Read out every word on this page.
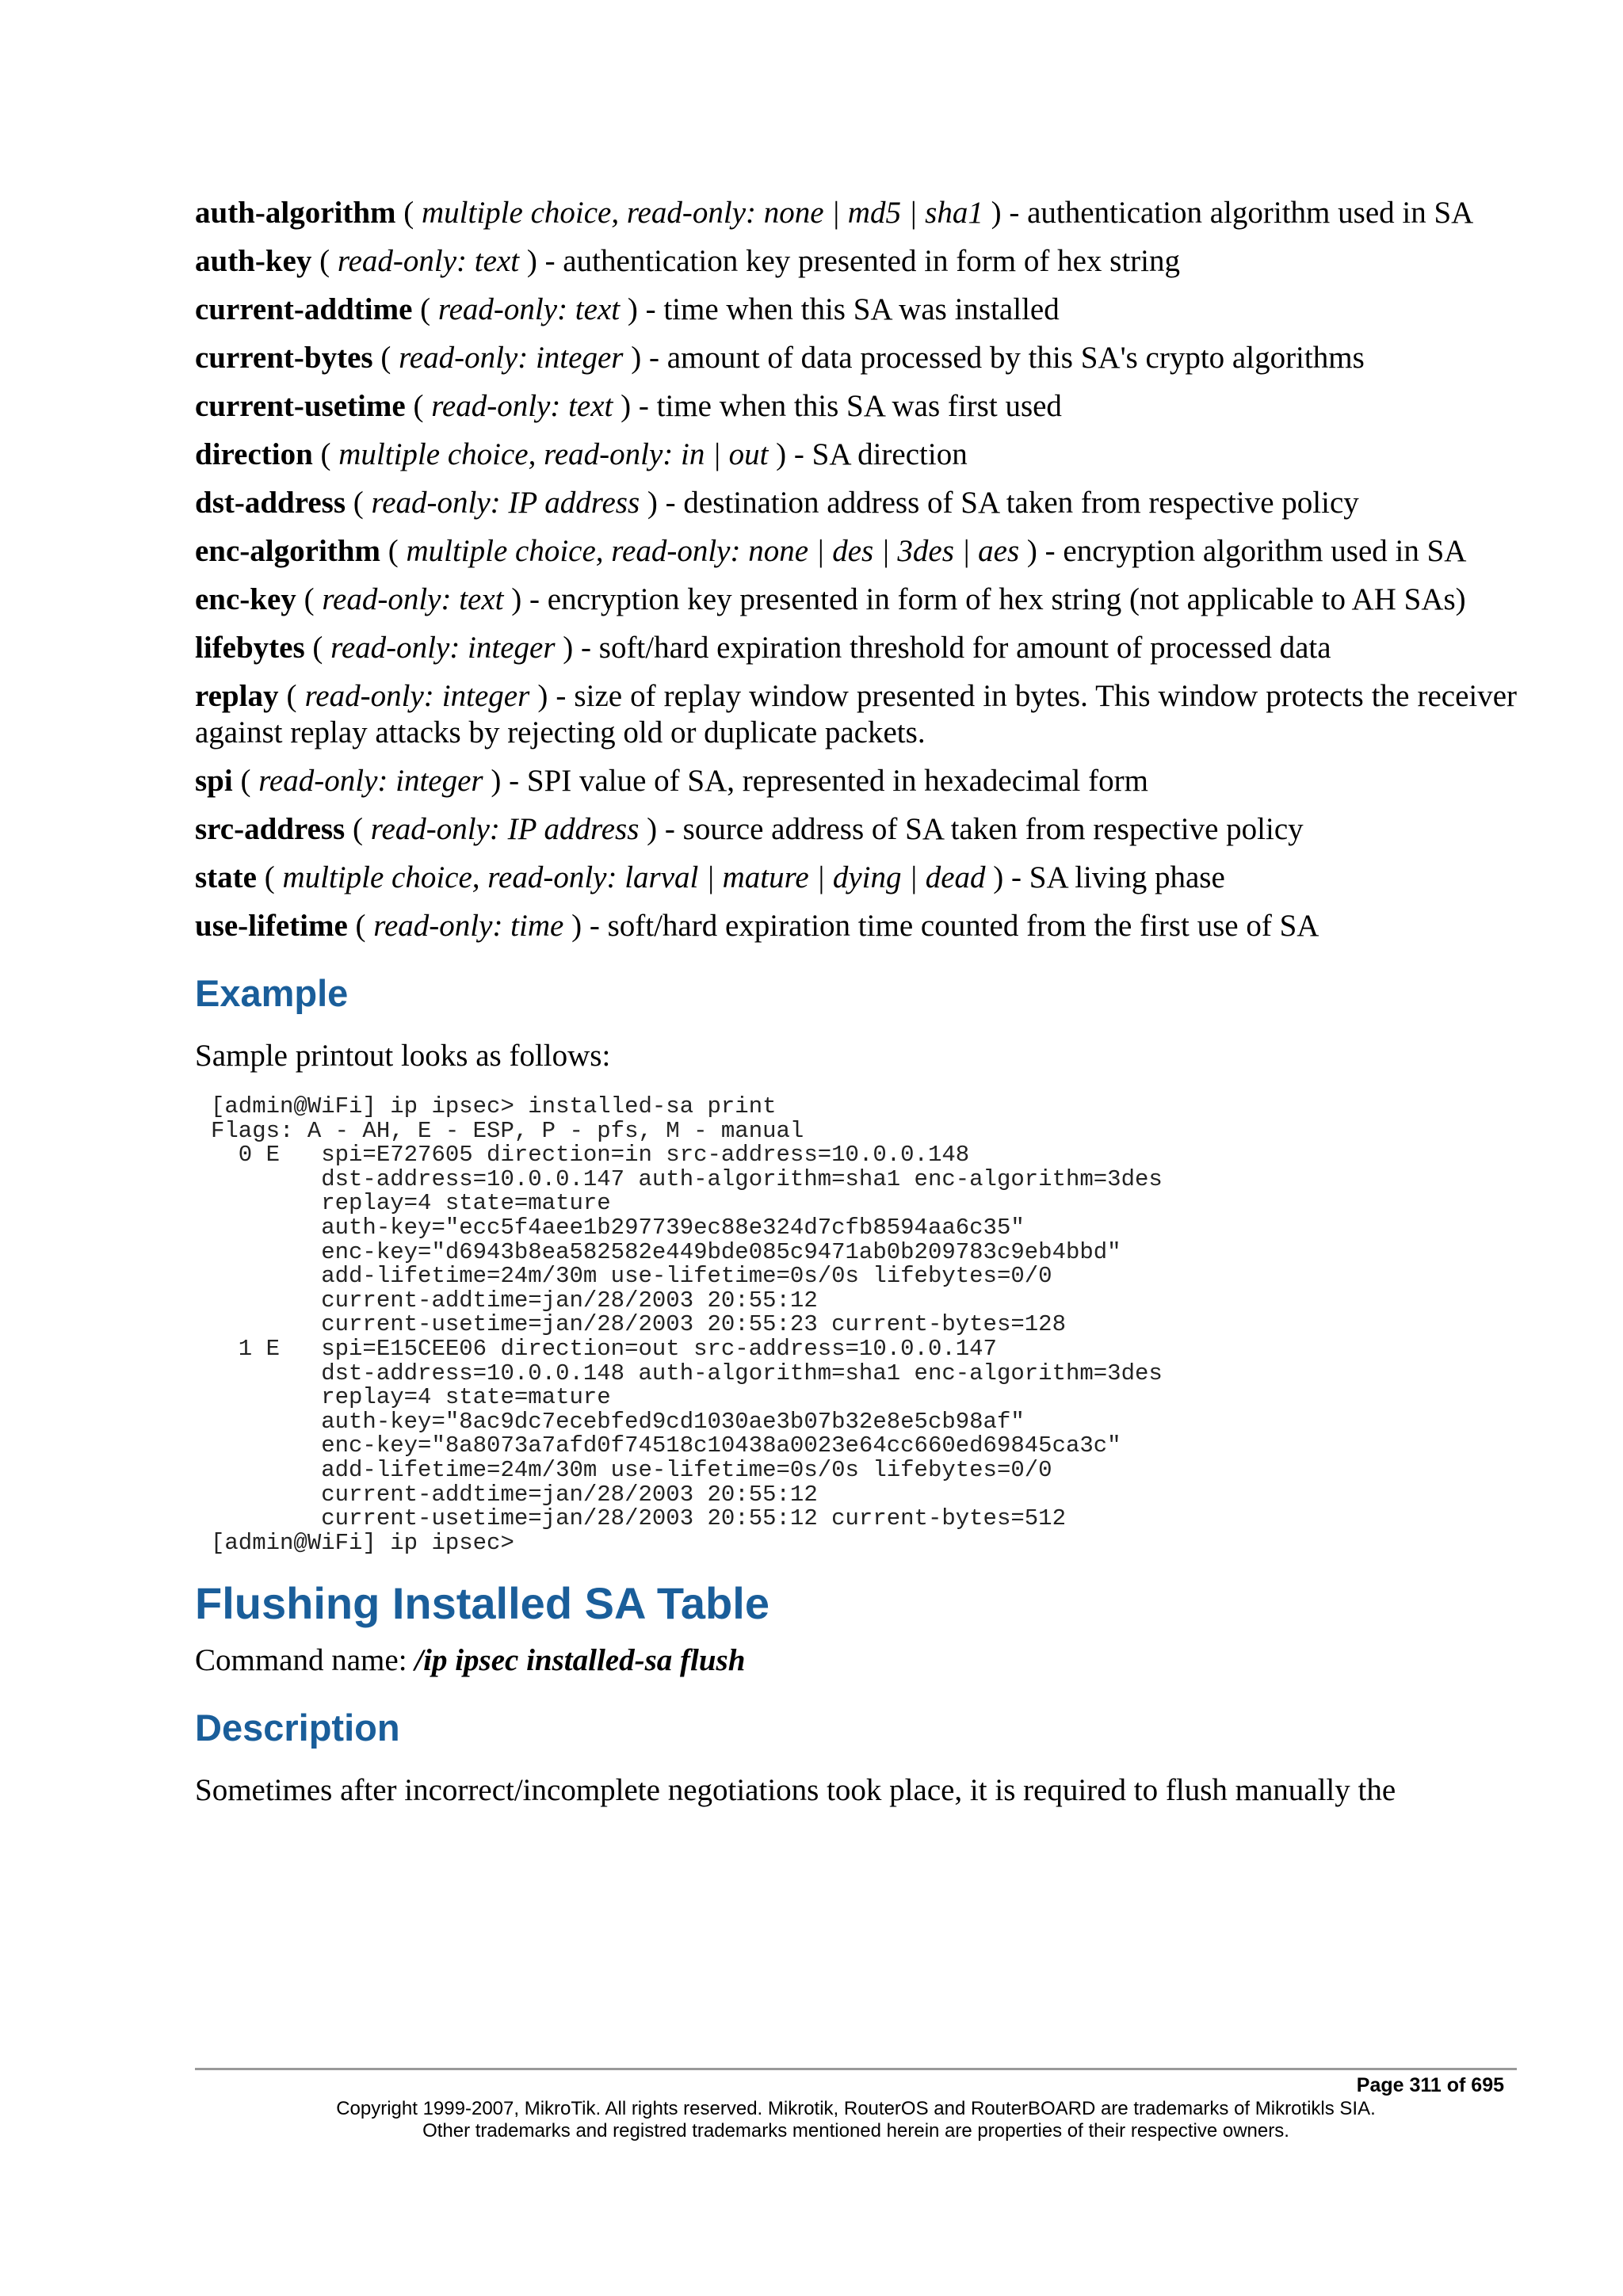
auth-algorithm ( multiple choice, read-only: none | md5 | sha1 ) - authentication algorithm used in SA

auth-key ( read-only: text ) - authentication key presented in form of hex string

current-addtime ( read-only: text ) - time when this SA was installed

current-bytes ( read-only: integer ) - amount of data processed by this SA's crypto algorithms

current-usetime ( read-only: text ) - time when this SA was first used

direction ( multiple choice, read-only: in | out ) - SA direction

dst-address ( read-only: IP address ) - destination address of SA taken from respective policy

enc-algorithm ( multiple choice, read-only: none | des | 3des | aes ) - encryption algorithm used in SA

enc-key ( read-only: text ) - encryption key presented in form of hex string (not applicable to AH SAs)

lifebytes ( read-only: integer ) - soft/hard expiration threshold for amount of processed data

replay ( read-only: integer ) - size of replay window presented in bytes. This window protects the receiver against replay attacks by rejecting old or duplicate packets.

spi ( read-only: integer ) - SPI value of SA, represented in hexadecimal form

src-address ( read-only: IP address ) - source address of SA taken from respective policy

state ( multiple choice, read-only: larval | mature | dying | dead ) - SA living phase

use-lifetime ( read-only: time ) - soft/hard expiration time counted from the first use of SA

Example

Sample printout looks as follows:

[admin@WiFi] ip ipsec> installed-sa print
Flags: A - AH, E - ESP, P - pfs, M - manual
0 E   spi=E727605 direction=in src-address=10.0.0.148
dst-address=10.0.0.147 auth-algorithm=sha1 enc-algorithm=3des
replay=4 state=mature
auth-key="ecc5f4aee1b297739ec88e324d7cfb8594aa6c35"
enc-key="d6943b8ea582582e449bde085c9471ab0b209783c9eb4bbd"
add-lifetime=24m/30m use-lifetime=0s/0s lifebytes=0/0
current-addtime=jan/28/2003 20:55:12
current-usetime=jan/28/2003 20:55:23 current-bytes=128
1 E   spi=E15CEE06 direction=out src-address=10.0.0.147
dst-address=10.0.0.148 auth-algorithm=sha1 enc-algorithm=3des
replay=4 state=mature
auth-key="8ac9dc7ecebfed9cd1030ae3b07b32e8e5cb98af"
enc-key="8a8073a7afd0f74518c10438a0023e64cc660ed69845ca3c"
add-lifetime=24m/30m use-lifetime=0s/0s lifebytes=0/0
current-addtime=jan/28/2003 20:55:12
current-usetime=jan/28/2003 20:55:12 current-bytes=512
[admin@WiFi] ip ipsec>
Flushing Installed SA Table

Command name: /ip ipsec installed-sa flush

Description

Sometimes after incorrect/incomplete negotiations took place, it is required to flush manually the

Page 311 of 695
Copyright 1999-2007, MikroTik. All rights reserved. Mikrotik, RouterOS and RouterBOARD are trademarks of Mikrotikls SIA.
Other trademarks and registred trademarks mentioned herein are properties of their respective owners.
